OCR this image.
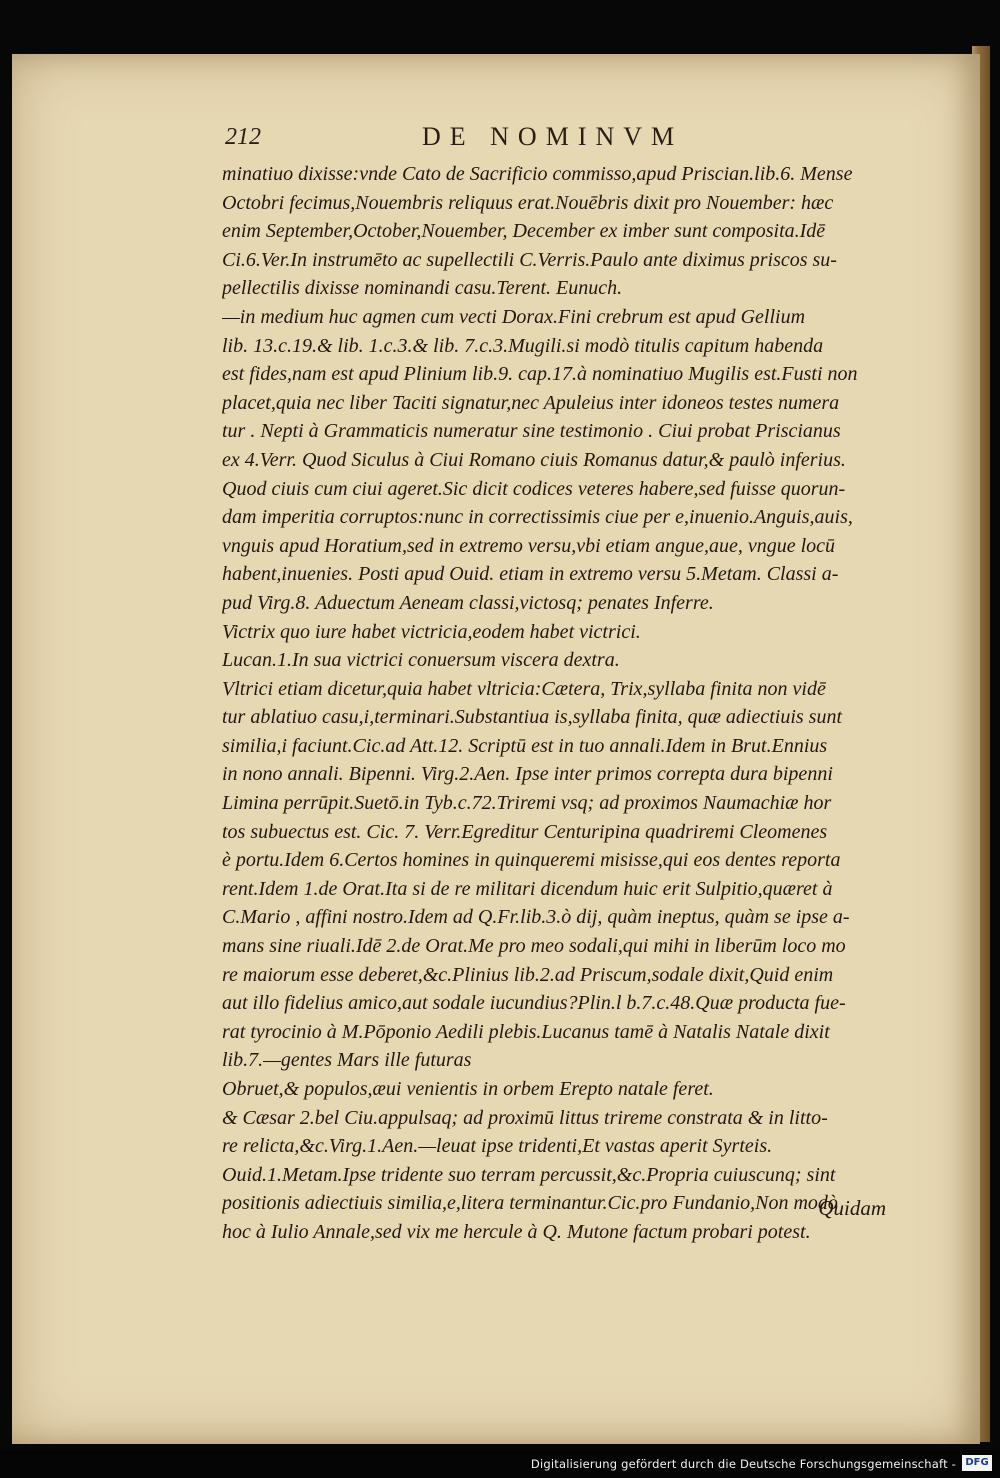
212	DE NOMINVM
minatiuo dixisse:vnde Cato de Sacrificio commisso,apud Priscian.lib.6. Mense
Octobri fecimus,Nouembris reliquus erat.Nouēbris dixit pro Nouember: hæc
enim September,October,Nouember, December ex imber sunt composita.Idē
Ci.6.Ver.In instrumēto ac supellectili C.Verris.Paulo ante diximus priscos su-
pellectilis dixisse nominandi casu.Terent. Eunuch.
—in medium huc agmen cum vecti Dorax.Fini crebrum est apud Gellium
lib. 13.c.19.& lib. 1.c.3.& lib. 7.c.3.Mugili.si modò titulis capitum habenda
est fides,nam est apud Plinium lib.9. cap.17.à nominatiuo Mugilis est.Fusti non
placet,quia nec liber Taciti signatur,nec Apuleius inter idoneos testes numera
tur . Nepti à Grammaticis numeratur sine testimonio . Ciui probat Priscianus
ex 4.Verr. Quod Siculus à Ciui Romano ciuis Romanus datur,& paulò inferius.
Quod ciuis cum ciui ageret.Sic dicit codices veteres habere,sed fuisse quorun-
dam imperitia corruptos:nunc in correctissimis ciue per e,inuenio.Anguis,auis,
vnguis apud Horatium,sed in extremo versu,vbi etiam angue,aue, vngue locū
habent,inuenies. Posti apud Ouid. etiam in extremo versu 5.Metam. Classi a-
pud Virg.8. Aduectum Aeneam classi,victosq; penates Inferre.
Victrix quo iure habet victricia,eodem habet victrici.
Lucan.1.In sua victrici conuersum viscera dextra.
Vltrici etiam dicetur,quia habet vltricia:Cætera, Trix,syllaba finita non vidē
tur ablatiuo casu,i,terminari.Substantiua is,syllaba finita, quæ adiectiuis sunt
similia,i faciunt.Cic.ad Att.12. Scriptū est in tuo annali.Idem in Brut.Ennius
in nono annali. Bipenni. Virg.2.Aen. Ipse inter primos correpta dura bipenni
Limina perrūpit.Suetō.in Tyb.c.72.Triremi vsq; ad proximos Naumachiæ hor
tos subuectus est. Cic. 7. Verr.Egreditur Centuripina quadriremi Cleomenes
è portu.Idem 6.Certos homines in quinqueremi misisse,qui eos dentes reporta
rent.Idem 1.de Orat.Ita si de re militari dicendum huic erit Sulpitio,quæret à
C.Mario , affini nostro.Idem ad Q.Fr.lib.3.ò dij, quàm ineptus, quàm se ipse a-
mans sine riuali.Idē 2.de Orat.Me pro meo sodali,qui mihi in liberūm loco mo
re maiorum esse deberet,&c.Plinius lib.2.ad Priscum,sodale dixit,Quid enim
aut illo fidelius amico,aut sodale iucundius?Plin.l b.7.c.48.Quæ producta fue-
rat tyrocinio à M.Pōponio Aedili plebis.Lucanus tamē à Natalis Natale dixit
lib.7.—gentes Mars ille futuras
Obruet,& populos,æui venientis in orbem Erepto natale feret.
& Cæsar 2.bel Ciu.appulsaq; ad proximū littus trireme constrata & in litto-
re relicta,&c.Virg.1.Aen.—leuat ipse tridenti,Et vastas aperit Syrteis.
Ouid.1.Metam.Ipse tridente suo terram percussit,&c.Propria cuiuscunq; sint
positionis adiectiuis similia,e,litera terminantur.Cic.pro Fundanio,Non modò
hoc à Iulio Annale,sed vix me hercule à Q. Mutone factum probari potest.
Quidam
Digitalisierung gefördert durch die Deutsche Forschungsgemeinschaft - DFG
